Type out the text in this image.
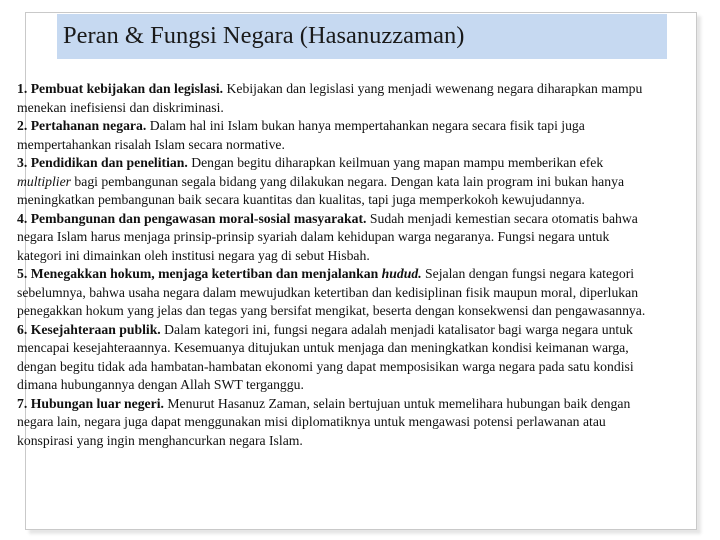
Peran & Fungsi Negara (Hasanuzzaman)

1. Pembuat kebijakan dan legislasi. Kebijakan dan legislasi yang menjadi wewenang negara diharapkan mampu menekan inefisiensi dan diskriminasi.

2. Pertahanan negara. Dalam hal ini Islam bukan hanya mempertahankan negara secara fisik tapi juga mempertahankan risalah Islam secara normative.

3. Pendidikan dan penelitian. Dengan begitu diharapkan keilmuan yang mapan mampu memberikan efek multiplier bagi pembangunan segala bidang yang dilakukan negara. Dengan kata lain program ini bukan hanya meningkatkan pembangunan baik secara kuantitas dan kualitas, tapi juga memperkokoh kewujudannya.

4. Pembangunan dan pengawasan moral-sosial masyarakat. Sudah menjadi kemestian secara otomatis bahwa negara Islam harus menjaga prinsip-prinsip syariah dalam kehidupan warga negaranya. Fungsi negara untuk kategori ini dimainkan oleh institusi negara yag di sebut Hisbah.

5. Menegakkan hokum, menjaga ketertiban dan menjalankan hudud. Sejalan dengan fungsi negara kategori sebelumnya, bahwa usaha negara dalam mewujudkan ketertiban dan kedisiplinan fisik maupun moral, diperlukan penegakkan hokum yang jelas dan tegas yang bersifat mengikat, beserta dengan konsekwensi dan pengawasannya.

6. Kesejahteraan publik. Dalam kategori ini, fungsi negara adalah menjadi katalisator bagi warga negara untuk mencapai kesejahteraannya. Kesemuanya ditujukan untuk menjaga dan meningkatkan kondisi keimanan warga, dengan begitu tidak ada hambatan-hambatan ekonomi yang dapat memposisikan warga negara pada satu kondisi dimana hubungannya dengan Allah SWT terganggu.

7. Hubungan luar negeri. Menurut Hasanuz Zaman, selain bertujuan untuk memelihara hubungan baik dengan negara lain, negara juga dapat menggunakan misi diplomatiknya untuk mengawasi potensi perlawanan atau konspirasi yang ingin menghancurkan negara Islam.
